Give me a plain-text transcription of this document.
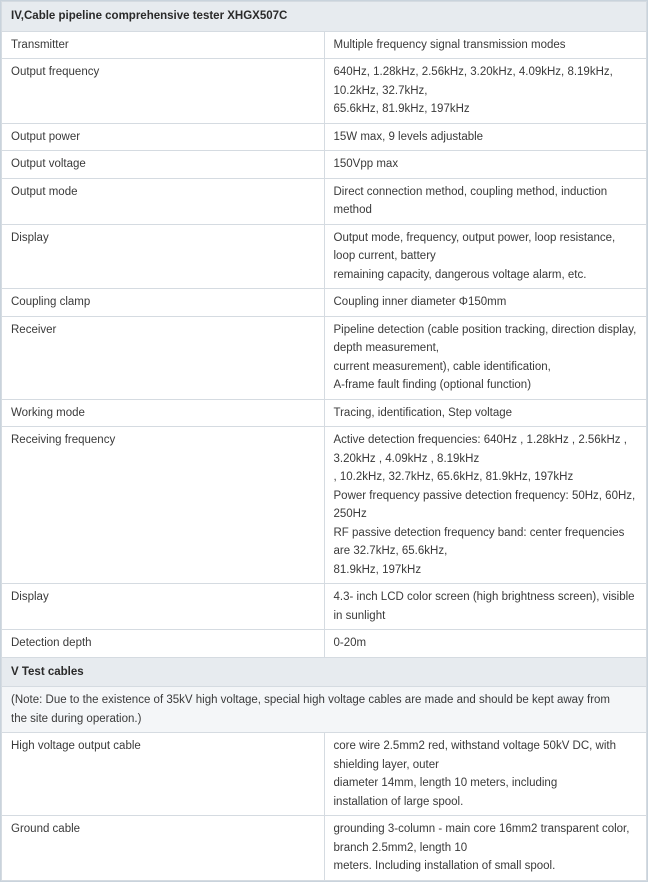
IV,Cable pipeline comprehensive tester XHGX507C	
Transmitter	Multiple frequency signal transmission modes

Output frequency	640Hz, 1.28kHz, 2.56kHz, 3.20kHz, 4.09kHz, 8.19kHz, 10.2kHz, 32.7kHz,
65.6kHz, 81.9kHz, 197kHz

Output power	15W max, 9 levels adjustable

Output voltage	150Vpp max

Output mode	Direct connection method, coupling method, induction method

Display	Output mode, frequency, output power, loop resistance, loop current, battery
remaining capacity, dangerous voltage alarm, etc.

Coupling clamp	Coupling inner diameter Φ150mm

Receiver	Pipeline detection (cable position tracking, direction display, depth measurement,
current measurement), cable identification,
A-frame fault finding (optional function)

Working mode	Tracing, identification, Step voltage

Receiving frequency	Active detection frequencies: 640Hz , 1.28kHz , 2.56kHz , 3.20kHz , 4.09kHz , 8.19kHz
, 10.2kHz, 32.7kHz, 65.6kHz, 81.9kHz, 197kHz
Power frequency passive detection frequency: 50Hz, 60Hz, 250Hz
RF passive detection frequency band: center frequencies are 32.7kHz, 65.6kHz,
81.9kHz, 197kHz

Display	4.3- inch LCD color screen (high brightness screen), visible in sunlight

Detection depth	0-20m

V Test cables	

(Note: Due to the existence of 35kV high voltage, special high voltage cables are made and should be kept away from
the site during operation.)	

High voltage output cable	core wire 2.5mm2 red, withstand voltage 50kV DC, with shielding layer, outer
diameter 14mm, length 10 meters, including
installation of large spool.

Ground cable	grounding 3-column - main core 16mm2 transparent color, branch 2.5mm2, length 10
meters. Including installation of small spool.
